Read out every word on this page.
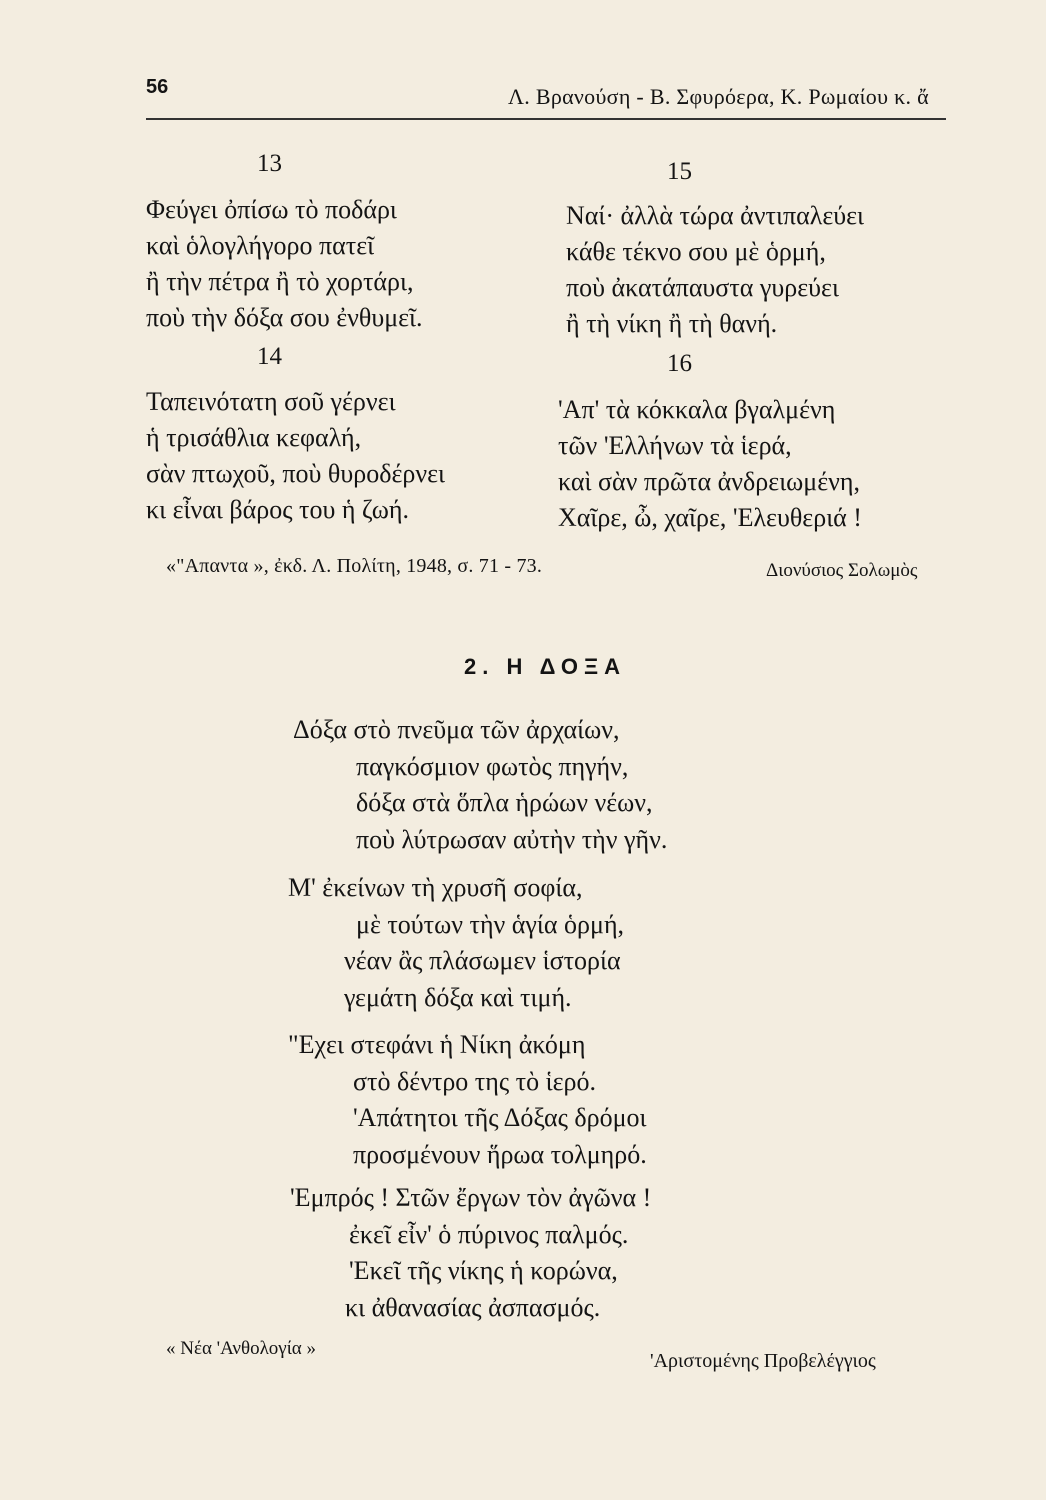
56	Λ. Βρανούση - Β. Σφυρόερα, Κ. Ρωμαίου κ. ἄ
13
Φεύγει ὀπίσω τὸ ποδάρι
καὶ ὁλογλήγορο πατεῖ
ἢ τὴν πέτρα ἢ τὸ χορτάρι,
ποὺ τὴν δόξα σου ἐνθυμεῖ.
14
Ταπεινότατη σοῦ γέρνει
ἡ τρισάθλια κεφαλή,
σὰν πτωχοῦ, ποὺ θυροδέρνει
κι εἶναι βάρος του ἡ ζωή.
15
Ναί· ἀλλὰ τώρα ἀντιπαλεύει
κάθε τέκνο σου μὲ ὁρμή,
ποὺ ἀκατάπαυστα γυρεύει
ἢ τὴ νίκη ἢ τὴ θανή.
16
'Απ' τὰ κόκκαλα βγαλμένη
τῶν 'Ελλήνων τὰ ἱερά,
καὶ σὰν πρῶτα ἀνδρειωμένη,
Χαῖρε, ὦ, χαῖρε, 'Ελευθεριά !
«"Απαντα », ἐκδ. Λ. Πολίτη, 1948, σ. 71 - 73.	Διονύσιος Σολωμὸς
2. Η ΔΟΞΑ
Δόξα στὸ πνεῦμα τῶν ἀρχαίων,
παγκόσμιον φωτὸς πηγήν,
δόξα στὰ ὅπλα ἡρώων νέων,
ποὺ λύτρωσαν αὐτὴν τὴν γῆν.
Μ' ἐκείνων τὴ χρυσῆ σοφία,
μὲ τούτων τὴν ἁγία ὁρμή,
νέαν ἂς πλάσωμεν ἱστορία
γεμάτη δόξα καὶ τιμή.
"Εχει στεφάνι ἡ Νίκη ἀκόμη
στὸ δέντρο της τὸ ἱερό.
'Απάτητοι τῆς Δόξας δρόμοι
προσμένουν ἥρωα τολμηρό.
'Εμπρός ! Στῶν ἔργων τὸν ἀγῶνα !
ἐκεῖ εἶν' ὁ πύρινος παλμός.
'Εκεῖ τῆς νίκης ἡ κορώνα,
κι ἀθανασίας ἀσπασμός.
« Νέα 'Ανθολογία »
'Αριστομένης Προβελέγγιος
